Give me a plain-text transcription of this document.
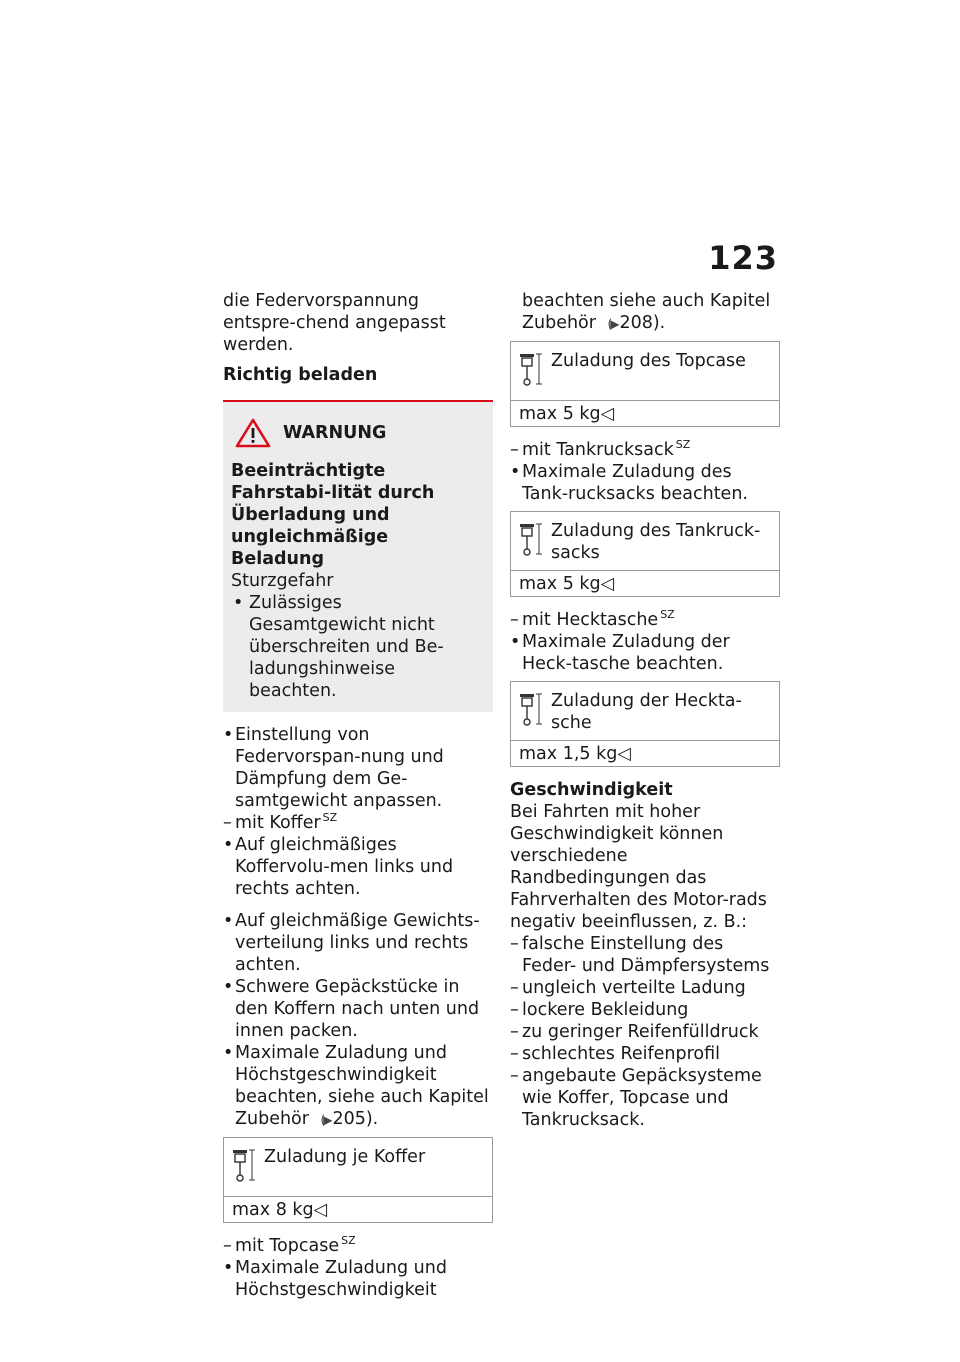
123

die Federvorspannung entspre-chend angepasst werden.

Richtig beladen

WARNUNG

Beeinträchtigte Fahrstabi-lität durch Überladung und ungleichmäßige Beladung

Sturzgefahr

• Zulässiges Gesamtgewicht nicht überschreiten und Be-ladungshinweise beachten.
• Einstellung von Federvorspan-nung und Dämpfung dem Ge-samtgewicht anpassen.
– mit Koffer $^{SZ}$
• Auf gleichmäßiges Koffervolu-men links und rechts achten.
• Auf gleichmäßige Gewichts-verteilung links und rechts achten.
• Schwere Gepäckstücke in den Koffern nach unten und innen packen.
• Maximale Zuladung und Höchstgeschwindigkeit beachten, siehe auch Kapitel Zubehör (▶ 205).
Zuladung je Koffer
max 8 kg◁
– mit Topcase $^{SZ}$
• Maximale Zuladung und Höchstgeschwindigkeit
beachten siehe auch Kapitel Zubehör (▶ 208).
Zuladung des Topcase
max 5 kg◁
– mit Tankrucksack $^{SZ}$
• Maximale Zuladung des Tank-rucksacks beachten.
Zuladung des Tankruck-sacks
max 5 kg◁
– mit Hecktasche $^{SZ}$
• Maximale Zuladung der Heck-tasche beachten.
Zuladung der Heckta-sche
max 1,5 kg◁

Geschwindigkeit

Bei Fahrten mit hoher Geschwindigkeit können verschiedene Randbedingungen das Fahrverhalten des Motor-rads negativ beeinflussen, z. B.:

– falsche Einstellung des Feder- und Dämpfersystems
– ungleich verteilte Ladung
– lockere Bekleidung
– zu geringer Reifenfülldruck
– schlechtes Reifenprofil
– angebaute Gepäcksysteme wie Koffer, Topcase und Tankrucksack.
